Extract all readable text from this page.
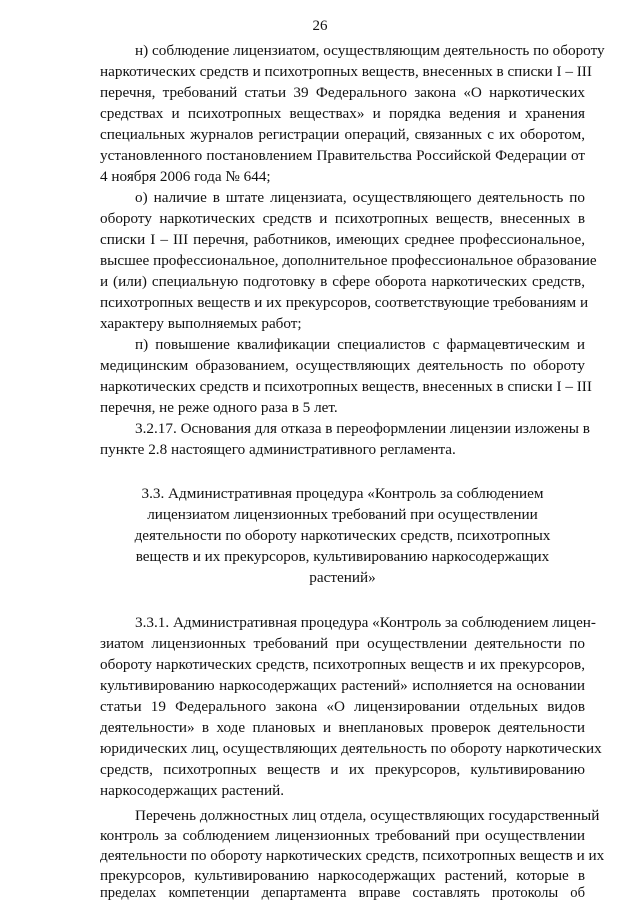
26
н) соблюдение лицензиатом, осуществляющим деятельность по обороту
наркотических средств и психотропных веществ, внесенных в списки I – III
перечня, требований статьи 39 Федерального закона «О наркотических
средствах и психотропных веществах» и порядка ведения и хранения
специальных журналов регистрации операций, связанных с их оборотом,
установленного постановлением Правительства Российской Федерации от
4 ноября 2006 года № 644;
о) наличие в штате лицензиата, осуществляющего деятельность по
обороту наркотических средств и психотропных веществ, внесенных в
списки I – III перечня, работников, имеющих среднее профессиональное,
высшее профессиональное, дополнительное профессиональное образование
и (или) специальную подготовку в сфере оборота наркотических средств,
психотропных веществ и их прекурсоров, соответствующие требованиям и
характеру выполняемых работ;
п) повышение квалификации специалистов с фармацевтическим и
медицинским образованием, осуществляющих деятельность по обороту
наркотических средств и психотропных веществ, внесенных в списки I – III
перечня, не реже одного раза в 5 лет.
3.2.17. Основания для отказа в переоформлении лицензии изложены в
пункте 2.8 настоящего административного регламента.
3.3. Административная процедура «Контроль за соблюдением
лицензиатом лицензионных требований при осуществлении
деятельности по обороту наркотических средств, психотропных
веществ и их прекурсоров, культивированию наркосодержащих
растений»
3.3.1. Административная процедура «Контроль за соблюдением лицен-
зиатом лицензионных требований при осуществлении деятельности по
обороту наркотических средств, психотропных веществ и их прекурсоров,
культивированию наркосодержащих растений» исполняется на основании
статьи 19 Федерального закона «О лицензировании отдельных видов
деятельности» в ходе плановых и внеплановых проверок деятельности
юридических лиц, осуществляющих деятельность по обороту наркотических
средств, психотропных веществ и их прекурсоров, культивированию
наркосодержащих растений.
Перечень должностных лиц отдела, осуществляющих государственный
контроль за соблюдением лицензионных требований при осуществлении
деятельности по обороту наркотических средств, психотропных веществ и их
прекурсоров, культивированию наркосодержащих растений, которые в
пределах компетенции департамента вправе составлять протоколы об
